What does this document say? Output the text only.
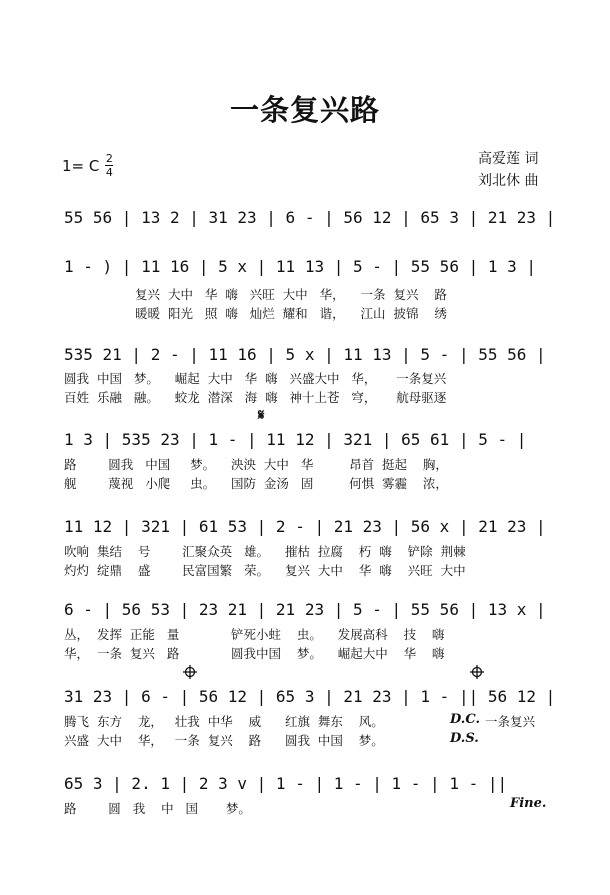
一条复兴路
高爱莲 词
刘北休 曲
1= C $\frac{2}{4}$

55 56 | 13 2 | 31 23 | 6 - | 56 12 | 65 3 | 21 23 |

1 - ) | 11 16 | 5 x | 11 13 | 5 - | 55 56 | 1 3 |

复兴  大中   华  嗨   兴旺  大中   华，    一条  复兴    路

暖暖  阳光   照  嗨   灿烂  耀和   谐，    江山  披锦    绣

535 21 | 2 - | 11 16 | 5 x | 11 13 | 5 - | 55 56 |

圆我  中国   梦。    崛起  大中   华  嗨   兴盛大中   华，     一条复兴

百姓  乐融   融。    蛟龙  潜深   海  嗨   神十上苍   穹，     航母驱逐

𝄋

1 3 | 535 23 | 1 - | 11 12 | 321 | 65 61 | 5 - |

路        圆我   中国     梦。    泱泱  大中   华         昂首  挺起    胸，

舰        蔑视   小爬     虫。    国防  金汤   固         何惧  雾霾    浓，

11 12 | 321 | 61 53 | 2 - | 21 23 | 56 x | 21 23 |

吹响  集结    号        汇聚众英   雄。    摧枯  拉腐    朽  嗨    铲除  荆棘

灼灼  绽鼎    盛        民富国繁   荣。    复兴  大中    华  嗨    兴旺  大中

6 - | 56 53 | 23 21 | 21 23 | 5 - | 55 56 | 13 x |

丛，  发挥  正能   量             铲死小蛀    虫。    发展高科    技    嗨

华，  一条  复兴   路             圆我中国    梦。    崛起大中    华    嗨

31 23 | 6 - | 56 12 | 65 3 | 21 23 | 1 - || 56 12 |

腾飞  东方    龙，   壮我  中华    威      红旗  舞东    风。

	D.C.

一条复兴

兴盛  大中    华，   一条  复兴    路      圆我  中国    梦。

	D.S.

65 3 | 2. 1 | 2 3 v | 1 - | 1 - | 1 - | 1 - ||

路        圆   我    中   国       梦。

	Fine.
